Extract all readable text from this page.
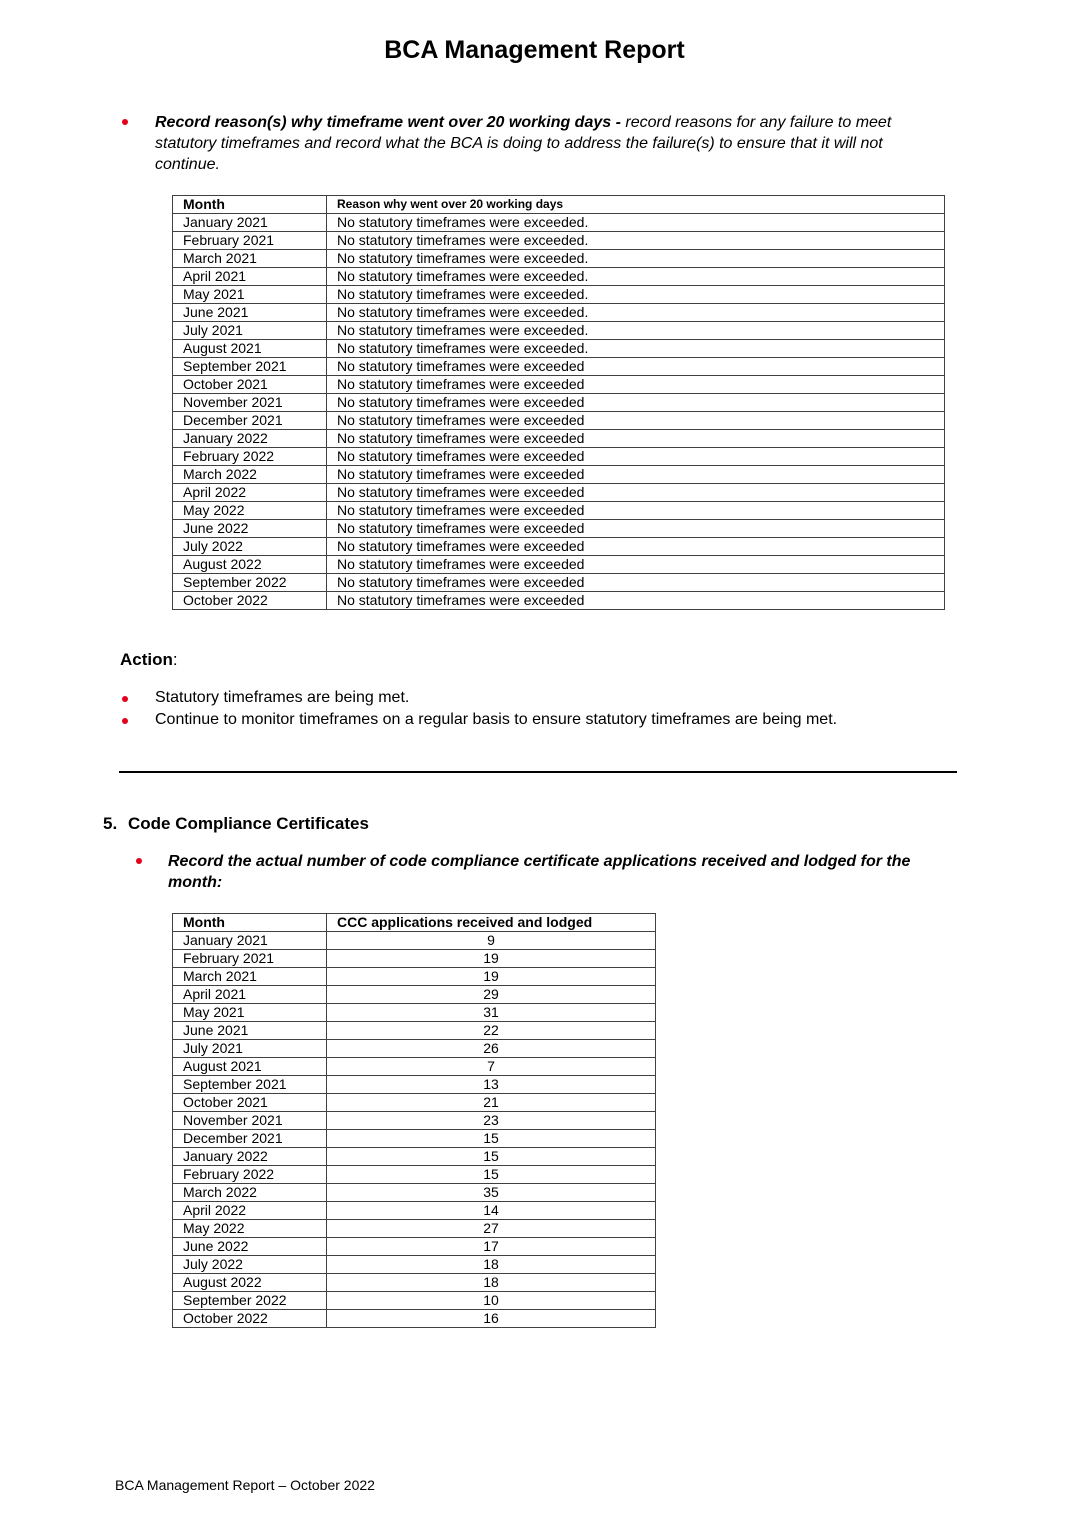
BCA Management Report
Record reason(s) why timeframe went over 20 working days - record reasons for any failure to meet statutory timeframes and record what the BCA is doing to address the failure(s) to ensure that it will not continue.
Month	Reason why went over 20 working days
January 2021	No statutory timeframes were exceeded.
February 2021	No statutory timeframes were exceeded.
March 2021	No statutory timeframes were exceeded.
April 2021	No statutory timeframes were exceeded.
May 2021	No statutory timeframes were exceeded.
June 2021	No statutory timeframes were exceeded.
July 2021	No statutory timeframes were exceeded.
August 2021	No statutory timeframes were exceeded.
September 2021	No statutory timeframes were exceeded
October 2021	No statutory timeframes were exceeded
November 2021	No statutory timeframes were exceeded
December 2021	No statutory timeframes were exceeded
January 2022	No statutory timeframes were exceeded
February 2022	No statutory timeframes were exceeded
March 2022	No statutory timeframes were exceeded
April 2022	No statutory timeframes were exceeded
May 2022	No statutory timeframes were exceeded
June 2022	No statutory timeframes were exceeded
July 2022	No statutory timeframes were exceeded
August 2022	No statutory timeframes were exceeded
September 2022	No statutory timeframes were exceeded
October 2022	No statutory timeframes were exceeded
Action:
Statutory timeframes are being met.
Continue to monitor timeframes on a regular basis to ensure statutory timeframes are being met.
5. Code Compliance Certificates
Record the actual number of code compliance certificate applications received and lodged for the month:
Month	CCC applications received and lodged
January 2021	9
February 2021	19
March 2021	19
April 2021	29
May 2021	31
June 2021	22
July 2021	26
August 2021	7
September 2021	13
October 2021	21
November 2021	23
December 2021	15
January 2022	15
February 2022	15
March 2022	35
April 2022	14
May 2022	27
June 2022	17
July 2022	18
August 2022	18
September 2022	10
October 2022	16
BCA Management Report – October 2022
